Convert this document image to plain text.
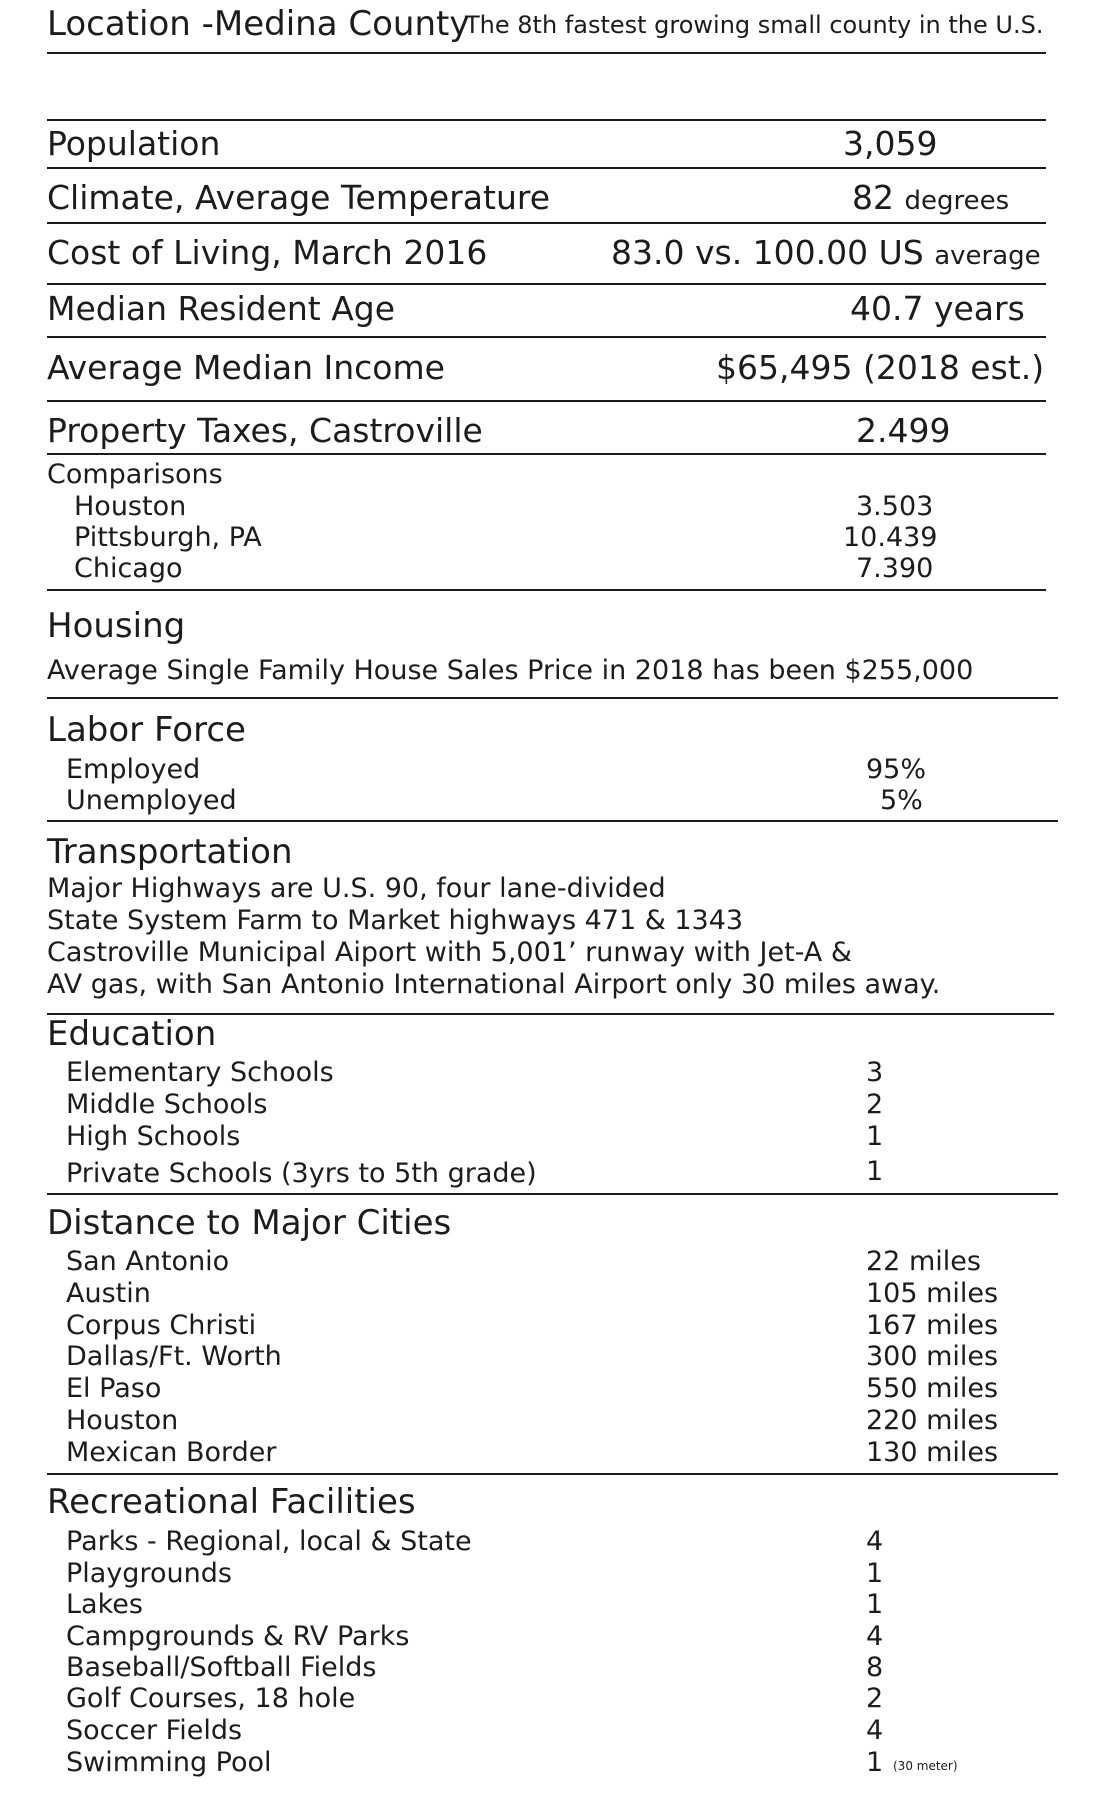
Location -Medina County
The 8th fastest growing small county in the U.S.
Population	3,059
Climate, Average Temperature	82 degrees
Cost of Living, March 2016	83.0 vs. 100.00 US average
Median Resident Age	40.7 years
Average Median Income	$65,495 (2018 est.)
Property Taxes, Castroville	2.499
Comparisons
Houston	3.503
Pittsburgh, PA	10.439
Chicago	7.390
Housing
Average Single Family House Sales Price in 2018 has been $255,000
Labor Force
Employed	95%
Unemployed	5%
Transportation
Major Highways are U.S. 90, four lane-divided
State System Farm to Market highways 471 & 1343
Castroville Municipal Aiport with 5,001’ runway with Jet-A &
AV gas, with San Antonio International Airport only 30 miles away.
Education
Elementary Schools	3
Middle Schools	2
High Schools	1
Private Schools (3yrs to 5th grade)	1
Distance to Major Cities
San Antonio	22 miles
Austin	105 miles
Corpus Christi	167 miles
Dallas/Ft. Worth	300 miles
El Paso	550 miles
Houston	220 miles
Mexican Border	130 miles
Recreational Facilities
Parks - Regional, local & State	4
Playgrounds	1
Lakes	1
Campgrounds & RV Parks	4
Baseball/Softball Fields	8
Golf Courses, 18 hole	2
Soccer Fields	4
Swimming Pool	1 (30 meter)
